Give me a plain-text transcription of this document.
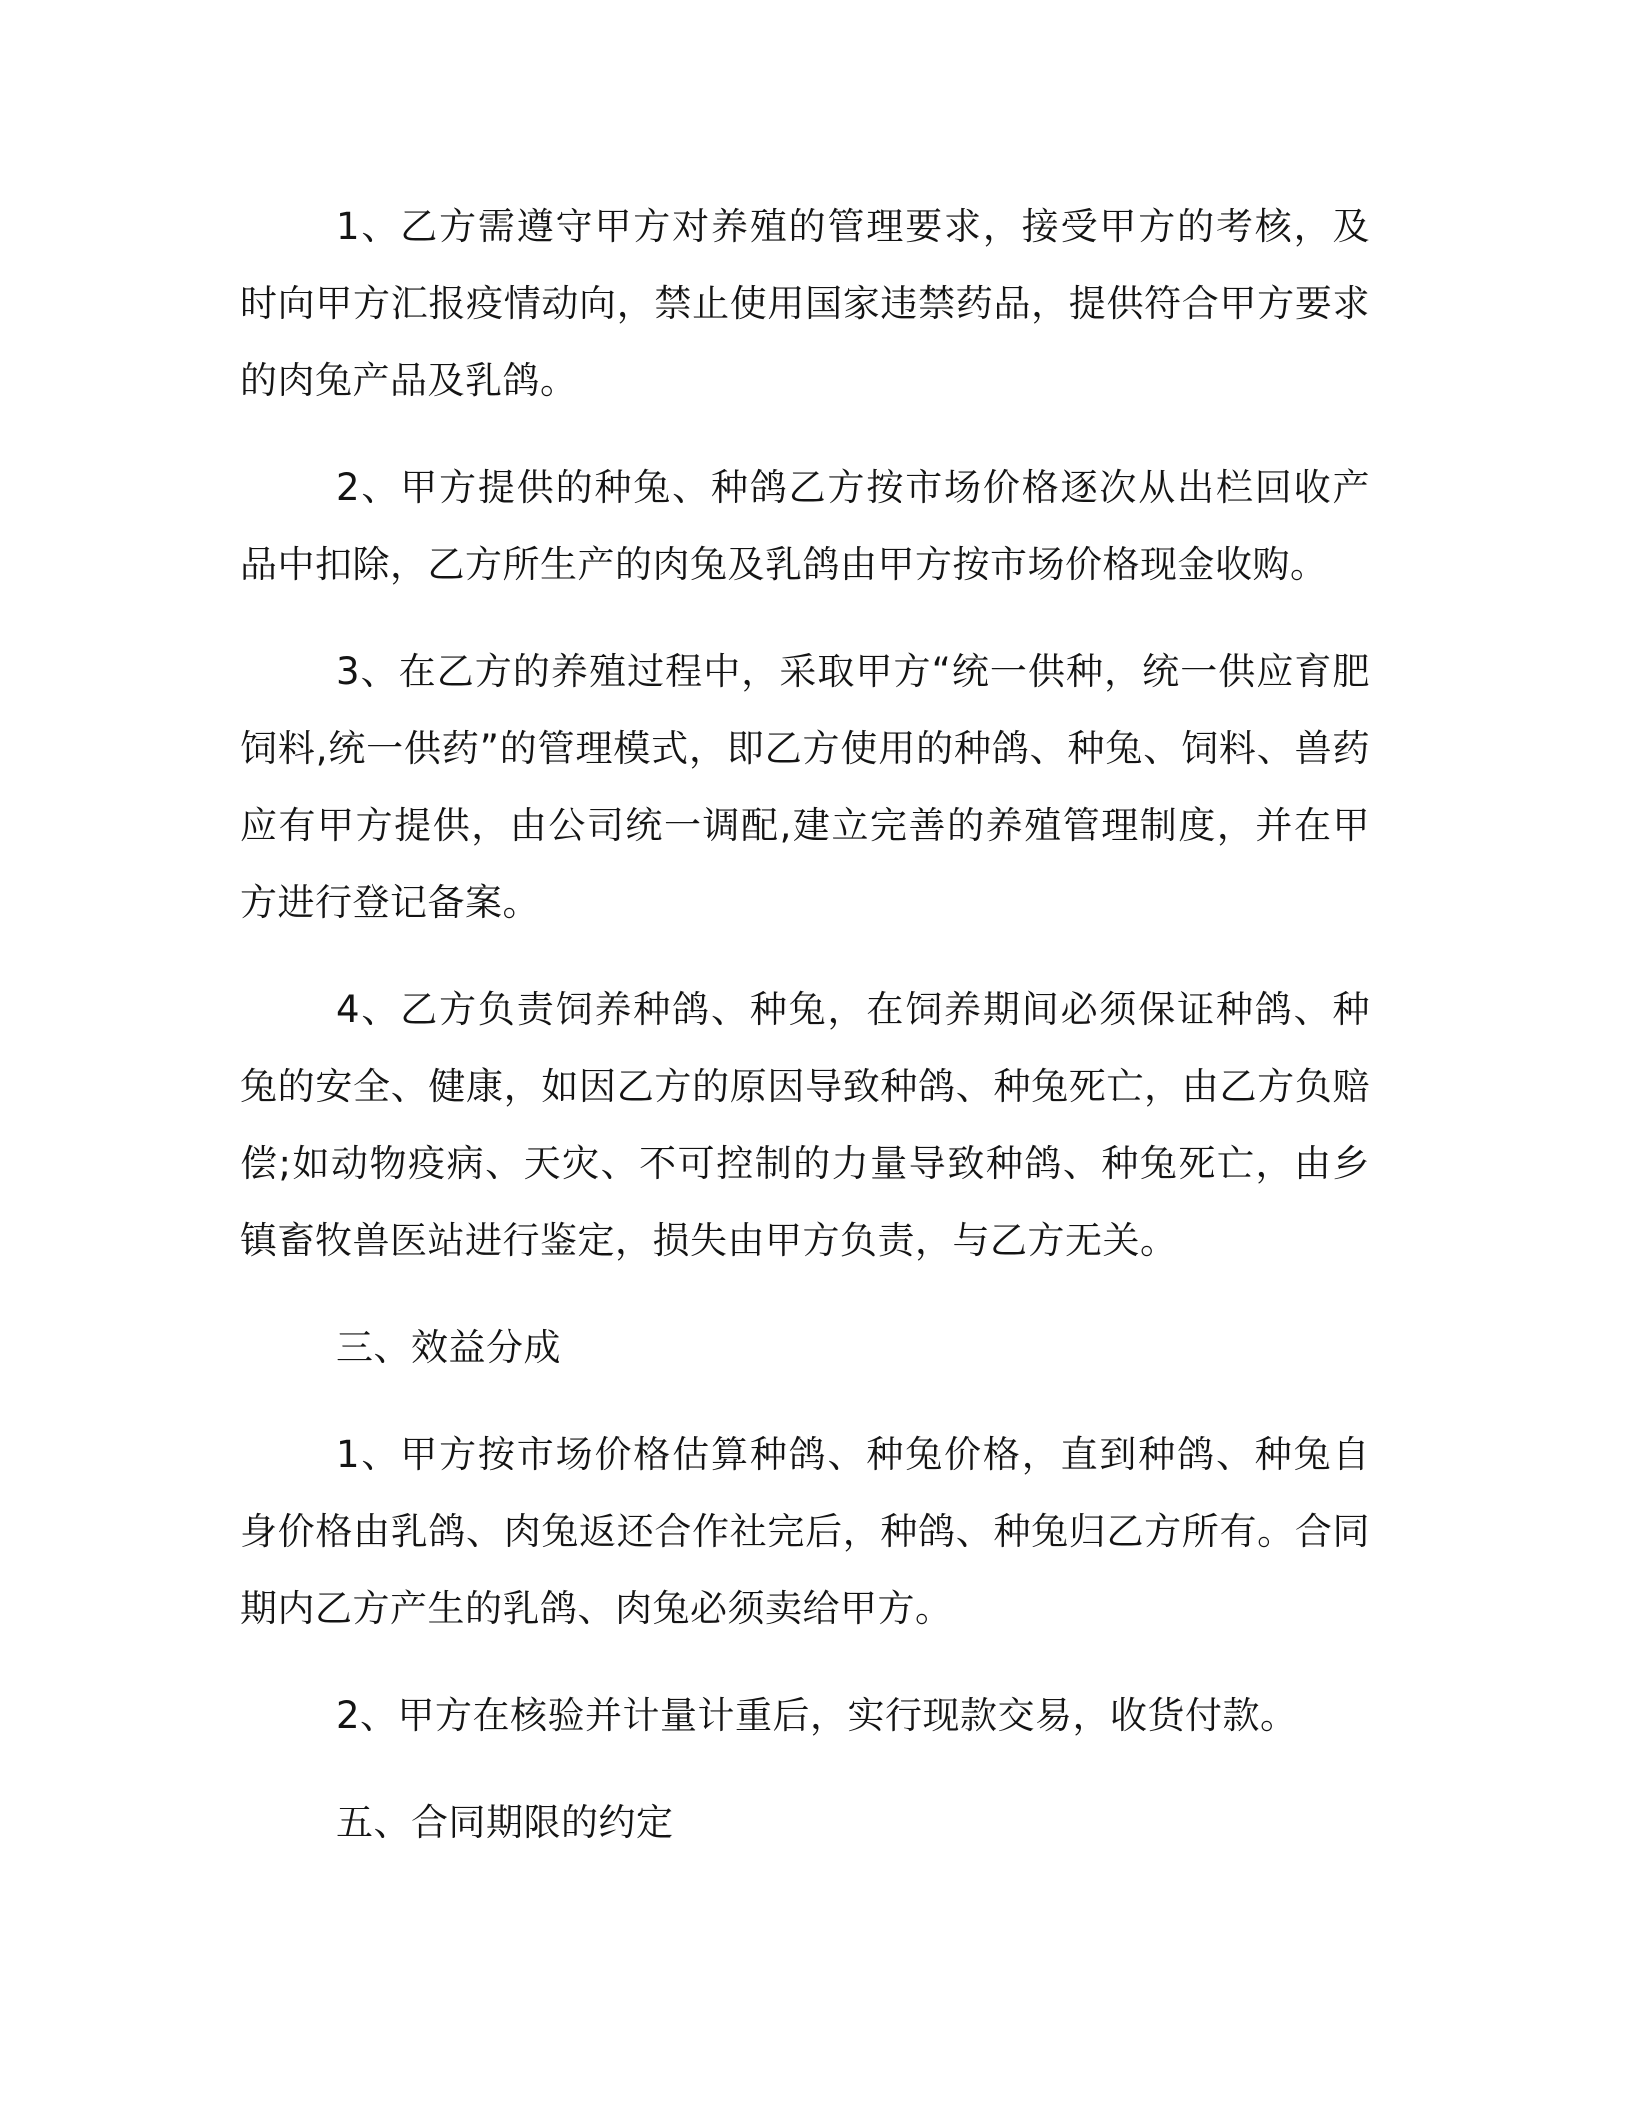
1、乙方需遵守甲方对养殖的管理要求，接受甲方的考核，及时向甲方汇报疫情动向，禁止使用国家违禁药品，提供符合甲方要求的肉兔产品及乳鸽。

2、甲方提供的种兔、种鸽乙方按市场价格逐次从出栏回收产品中扣除，乙方所生产的肉兔及乳鸽由甲方按市场价格现金收购。

3、在乙方的养殖过程中，采取甲方“统一供种，统一供应育肥饲料,统一供药”的管理模式，即乙方使用的种鸽、种兔、饲料、兽药应有甲方提供，由公司统一调配,建立完善的养殖管理制度，并在甲方进行登记备案。

4、乙方负责饲养种鸽、种兔，在饲养期间必须保证种鸽、种兔的安全、健康，如因乙方的原因导致种鸽、种兔死亡，由乙方负赔偿;如动物疫病、天灾、不可控制的力量导致种鸽、种兔死亡，由乡镇畜牧兽医站进行鉴定，损失由甲方负责，与乙方无关。

三、效益分成

1、甲方按市场价格估算种鸽、种兔价格，直到种鸽、种兔自身价格由乳鸽、肉兔返还合作社完后，种鸽、种兔归乙方所有。合同期内乙方产生的乳鸽、肉兔必须卖给甲方。

2、甲方在核验并计量计重后，实行现款交易，收货付款。

五、合同期限的约定
